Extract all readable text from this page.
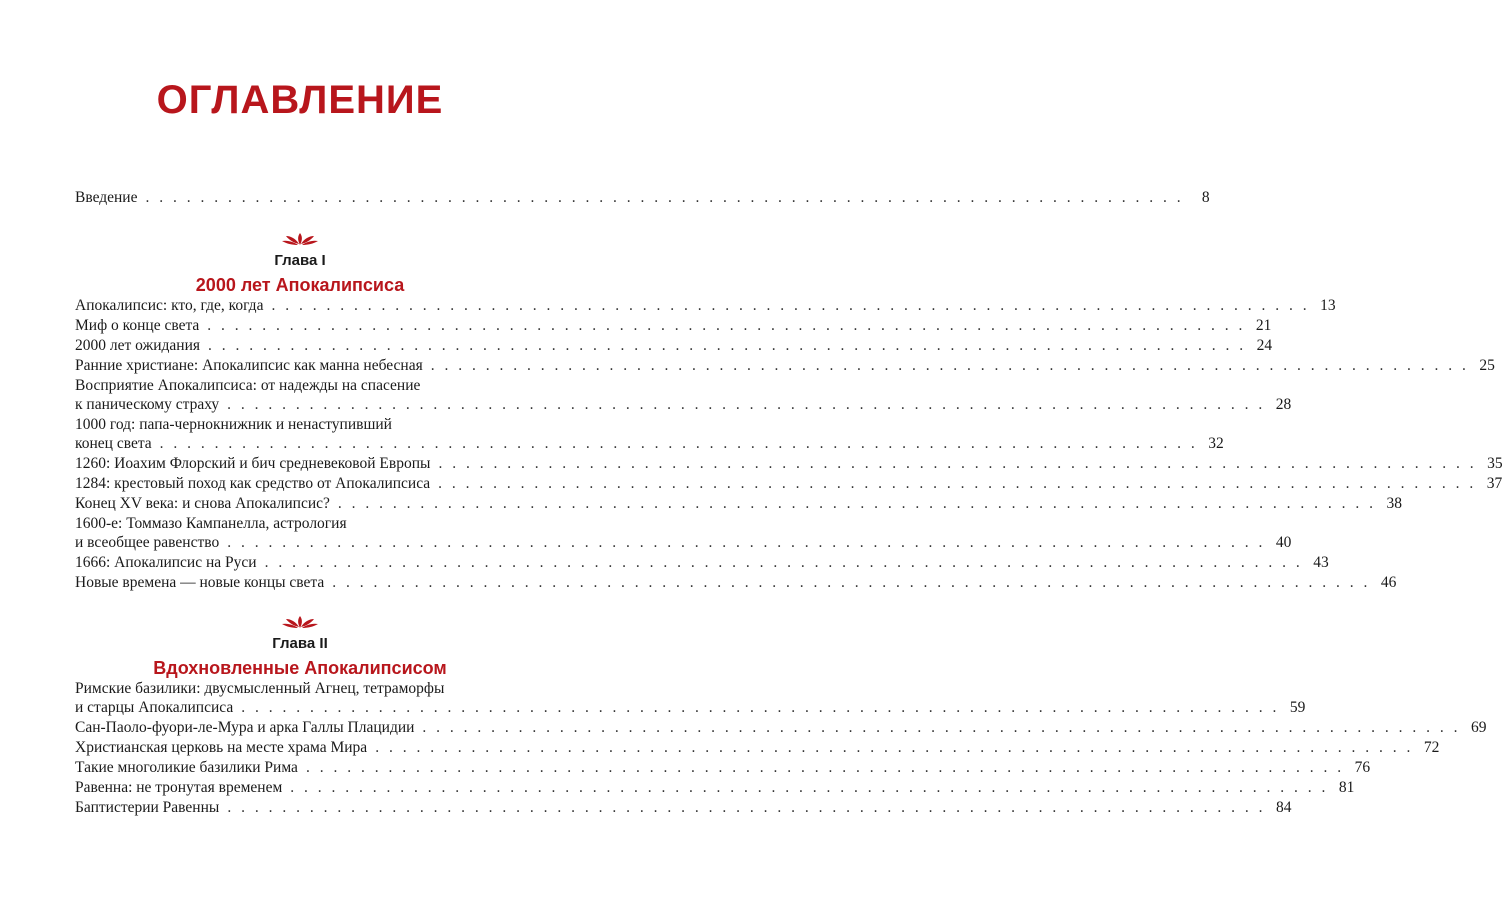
ОГЛАВЛЕНИЕ
Введение . . . . . . . . . . . . . . . . . . . . . . . . . . . . . . . . . . . . . . . . . . . . . . . . . . . . . . . . . . . . . . . . . . . . . . . . . . . .	8
Глава I
2000 лет Апокалипсиса
Апокалипсис: кто, где, когда . . . . . . . . . . . . . . . . . . . . . . . . . . . . . . . . . . . . . . . . . . . . . . . . . . . . . . . . . . . . . . . . . . . . . . . . . . . . 13
Миф о конце света . . . . . . . . . . . . . . . . . . . . . . . . . . . . . . . . . . . . . . . . . . . . . . . . . . . . . . . . . . . . . . . . . . . . . . . . . . . . 21
2000 лет ожидания . . . . . . . . . . . . . . . . . . . . . . . . . . . . . . . . . . . . . . . . . . . . . . . . . . . . . . . . . . . . . . . . . . . . . . . . . . . . 24
Ранние христиане: Апокалипсис как манна небесная . . . . . . . . . . . . . . . . . . . . . . . . . . . . . . . . . . . . . . . . . . . . . . . . . . . . . . . . . . . . . . . . . . . . . . . . . . . . 25
Восприятие Апокалипсиса: от надежды на спасение
к паническому страху . . . . . . . . . . . . . . . . . . . . . . . . . . . . . . . . . . . . . . . . . . . . . . . . . . . . . . . . . . . . . . . . . . . . . . . . . . . . 28
1000 год: папа-чернокнижник и ненаступивший
конец света . . . . . . . . . . . . . . . . . . . . . . . . . . . . . . . . . . . . . . . . . . . . . . . . . . . . . . . . . . . . . . . . . . . . . . . . . . . . 32
1260: Иоахим Флорский и бич средневековой Европы . . . . . . . . . . . . . . . . . . . . . . . . . . . . . . . . . . . . . . . . . . . . . . . . . . . . . . . . . . . . . . . . . . . . . . . . . . . . 35
1284: крестовый поход как средство от Апокалипсиса . . . . . . . . . . . . . . . . . . . . . . . . . . . . . . . . . . . . . . . . . . . . . . . . . . . . . . . . . . . . . . . . . . . . . . . . . . . . 37
Конец XV века: и снова Апокалипсис? . . . . . . . . . . . . . . . . . . . . . . . . . . . . . . . . . . . . . . . . . . . . . . . . . . . . . . . . . . . . . . . . . . . . . . . . . . . . 38
1600-е: Томмазо Кампанелла, астрология
и всеобщее равенство . . . . . . . . . . . . . . . . . . . . . . . . . . . . . . . . . . . . . . . . . . . . . . . . . . . . . . . . . . . . . . . . . . . . . . . . . . . . 40
1666: Апокалипсис на Руси . . . . . . . . . . . . . . . . . . . . . . . . . . . . . . . . . . . . . . . . . . . . . . . . . . . . . . . . . . . . . . . . . . . . . . . . . . . . 43
Новые времена — новые концы света . . . . . . . . . . . . . . . . . . . . . . . . . . . . . . . . . . . . . . . . . . . . . . . . . . . . . . . . . . . . . . . . . . . . . . . . . . . . 46
Глава II
Вдохновленные Апокалипсисом
Римские базилики: двусмысленный Агнец, тетраморфы
и старцы Апокалипсиса . . . . . . . . . . . . . . . . . . . . . . . . . . . . . . . . . . . . . . . . . . . . . . . . . . . . . . . . . . . . . . . . . . . . . . . . . . . . 59
Сан-Паоло-фуори-ле-Мура и арка Галлы Плацидии . . . . . . . . . . . . . . . . . . . . . . . . . . . . . . . . . . . . . . . . . . . . . . . . . . . . . . . . . . . . . . . . . . . . . . . . . . . . 69
Христианская церковь на месте храма Мира . . . . . . . . . . . . . . . . . . . . . . . . . . . . . . . . . . . . . . . . . . . . . . . . . . . . . . . . . . . . . . . . . . . . . . . . . . . . 72
Такие многоликие базилики Рима . . . . . . . . . . . . . . . . . . . . . . . . . . . . . . . . . . . . . . . . . . . . . . . . . . . . . . . . . . . . . . . . . . . . . . . . . . . . 76
Равенна: не тронутая временем . . . . . . . . . . . . . . . . . . . . . . . . . . . . . . . . . . . . . . . . . . . . . . . . . . . . . . . . . . . . . . . . . . . . . . . . . . . . 81
Баптистерии Равенны . . . . . . . . . . . . . . . . . . . . . . . . . . . . . . . . . . . . . . . . . . . . . . . . . . . . . . . . . . . . . . . . . . . . . . . . . . . . 84
